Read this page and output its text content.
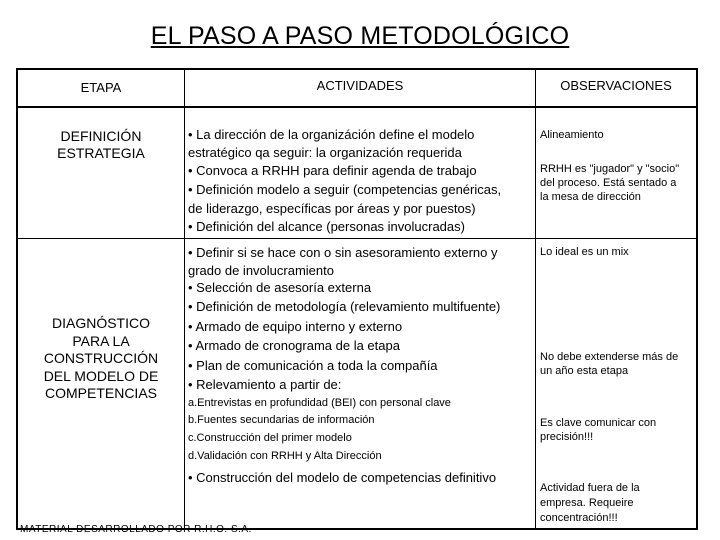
EL PASO A PASO METODOLÓGICO
ETAPA	ACTIVIDADES	OBSERVACIONES
DEFINICIÓN
ESTRATEGIA
• La dirección de la organizáción define el modelo
estratégico qa seguir: la organización requerida
• Convoca a RRHH para definir agenda de trabajo
• Definición modelo a seguir (competencias genéricas,
de liderazgo, específicas por áreas y por puestos)
• Definición del alcance (personas involucradas)
Alineamiento
RRHH es "jugador" y "socio"
del proceso. Está sentado a
la mesa de dirección
DIAGNÓSTICO
PARA LA
CONSTRUCCIÓN
DEL MODELO DE
COMPETENCIAS
• Definir si se hace con o sin asesoramiento externo y
grado de involucramiento
• Selección de asesoría externa
• Definición de metodología (relevamiento multifuente)
• Armado de equipo interno y externo
• Armado de cronograma de la etapa
• Plan de comunicación a toda la compañía
• Relevamiento a partir de:
a.Entrevistas en profundidad (BEI) con personal clave
b.Fuentes secundarias de información
c.Construcción del primer modelo
d.Validación con RRHH y Alta Dirección
• Construcción del modelo de competencias definitivo
Lo ideal es un mix
No debe extenderse más de
un año esta etapa
Es clave comunicar con
precisión!!!
Actividad fuera de la
empresa. Requeire
concentración!!!
MATERIAL DESARROLLADO POR R.H.O. S.A.
